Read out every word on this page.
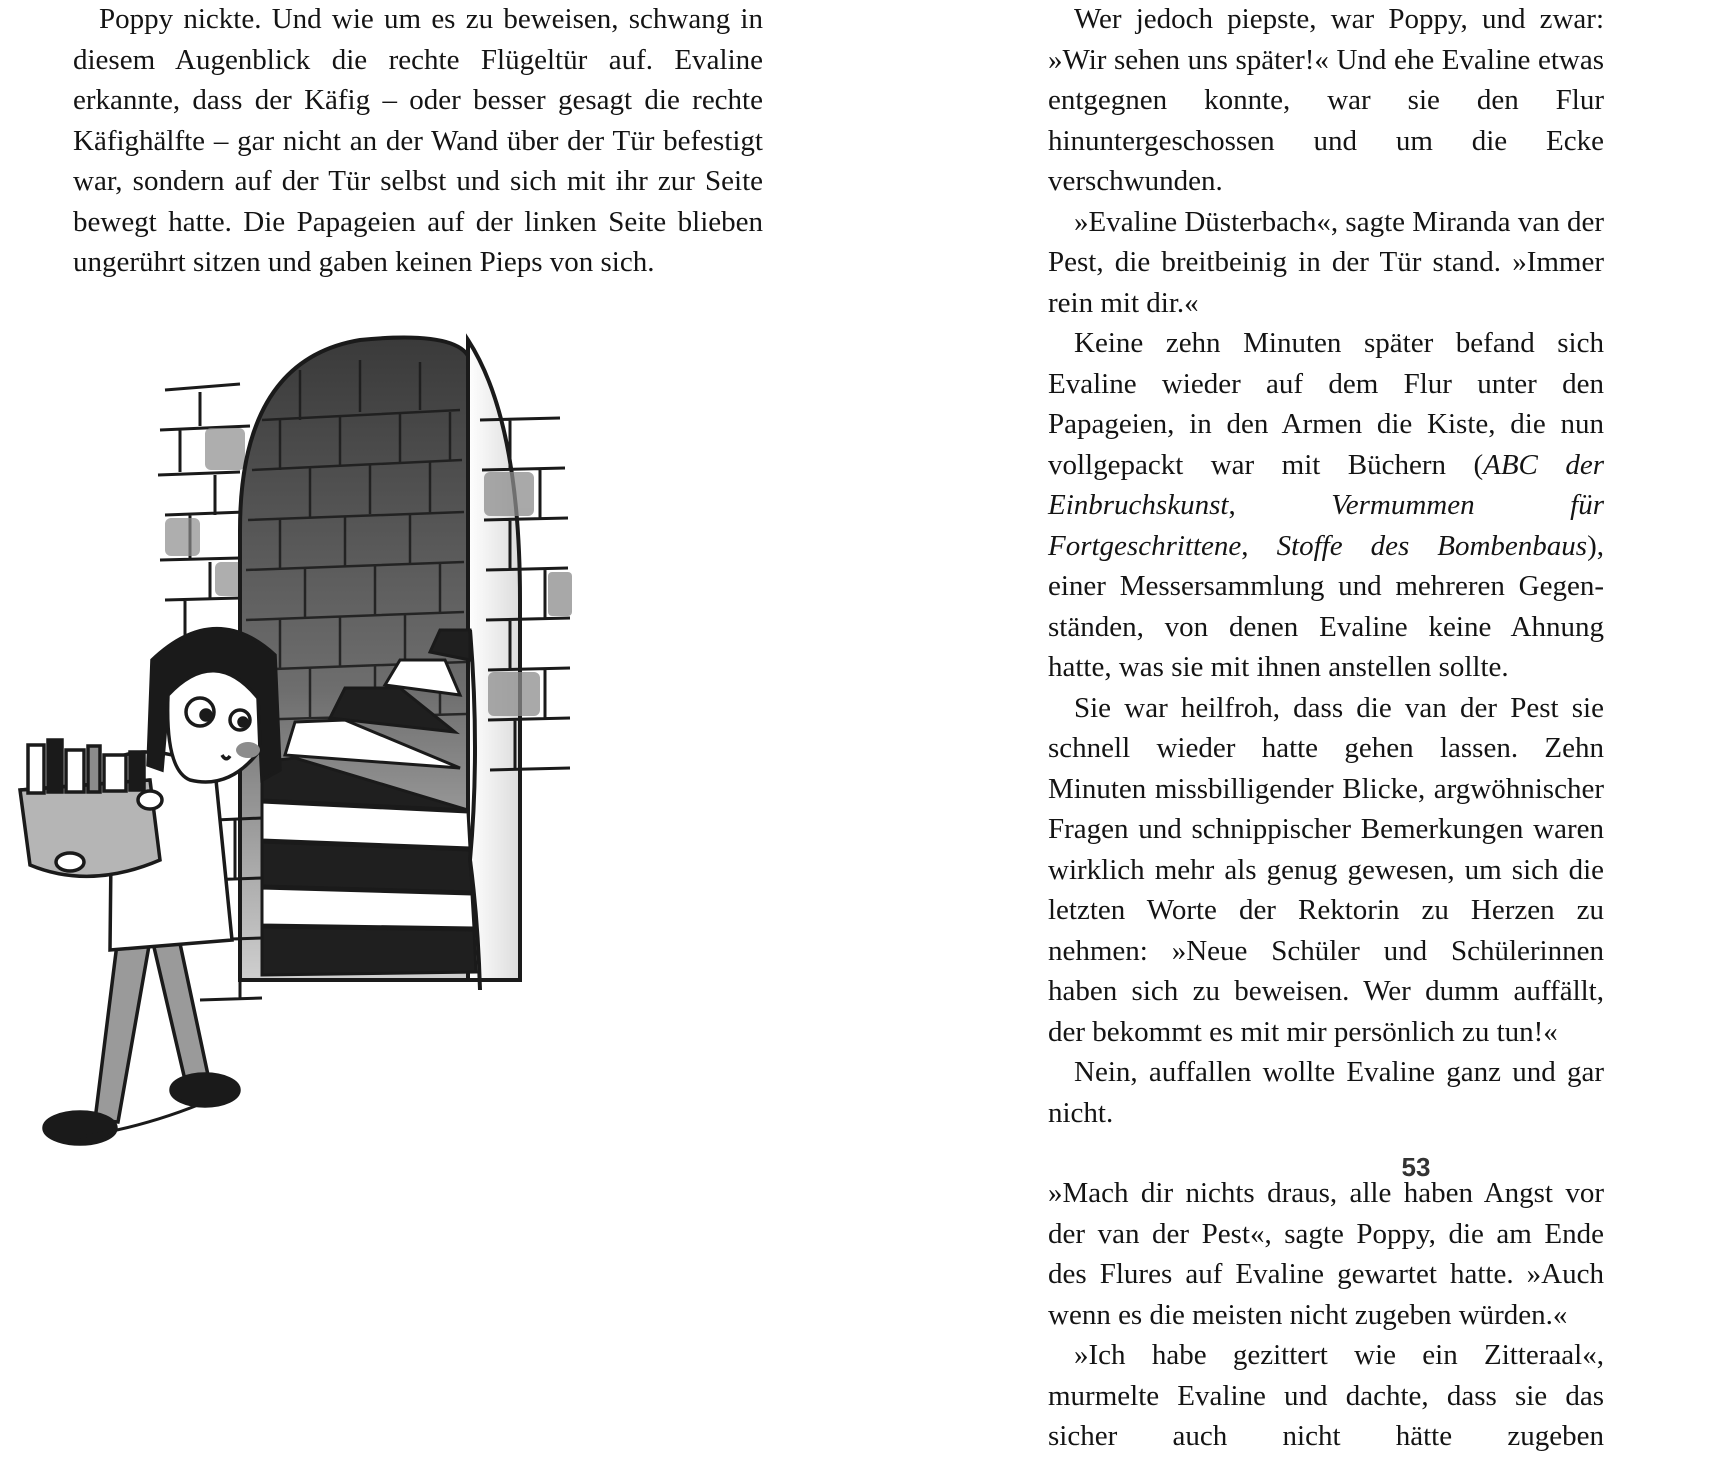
Poppy nickte. Und wie um es zu beweisen, schwang in diesem Augenblick die rechte Flügeltür auf. Evaline erkannte, dass der Käfig – oder besser gesagt die rechte Käfighälfte – gar nicht an der Wand über der Tür befestigt war, sondern auf der Tür selbst und sich mit ihr zur Seite bewegt hatte. Die Papageien auf der linken Seite blieben ungerührt sitzen und gaben keinen Pieps von sich.

Wer jedoch piepste, war Poppy, und zwar: »Wir sehen uns später!« Und ehe Evaline etwas entgegnen konnte, war sie den Flur hinuntergeschossen und um die Ecke verschwunden.

»Evaline Düsterbach«, sagte Miranda van der Pest, die breitbeinig in der Tür stand. »Immer rein mit dir.«

Keine zehn Minuten später befand sich Evaline wieder auf dem Flur unter den Papageien, in den Armen die Kiste, die nun vollgepackt war mit Büchern (ABC der Einbruchskunst, Vermummen für Fortgeschrittene, Stoffe des Bombenbaus), einer Messersammlung und mehreren Gegenständen, von denen Evaline keine Ahnung hatte, was sie mit ihnen anstellen sollte.

Sie war heilfroh, dass die van der Pest sie schnell wieder hatte gehen lassen. Zehn Minuten missbilligender Blicke, argwöhnischer Fragen und schnippischer Bemerkungen waren wirklich mehr als genug gewesen, um sich die letzten Worte der Rektorin zu Herzen zu nehmen: »Neue Schüler und Schülerinnen haben sich zu beweisen. Wer dumm auffällt, der bekommt es mit mir persönlich zu tun!«

Nein, auffallen wollte Evaline ganz und gar nicht.

»Mach dir nichts draus, alle haben Angst vor der van der Pest«, sagte Poppy, die am Ende des Flures auf Evaline gewartet hatte. »Auch wenn es die meisten nicht zugeben würden.«

»Ich habe gezittert wie ein Zitteraal«, murmelte Evaline und dachte, dass sie das sicher auch nicht hätte zugeben

53
